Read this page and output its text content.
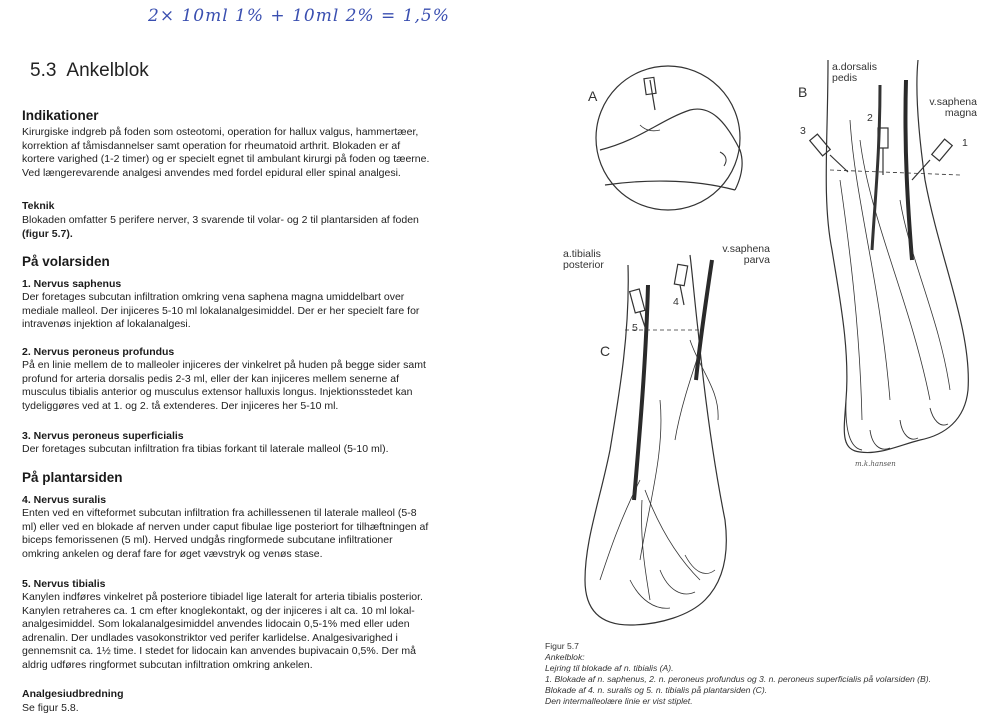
2× 10ml 1% + 10ml 2% = 1,5%
5.3 Ankelblok
Indikationer

Kirurgiske indgreb på foden som osteotomi, operation for hallux valgus, hammertæer,
korrektion af tåmisdannelser samt operation for rheumatoid arthrit. Blokaden er af
kortere varighed (1-2 timer) og er specielt egnet til ambulant kirurgi på foden og tæerne.
Ved længerevarende analgesi anvendes med fordel epidural eller spinal analgesi.

Teknik

Blokaden omfatter 5 perifere nerver, 3 svarende til volar- og 2 til plantarsiden af foden
(figur 5.7).

På volarsiden
1. Nervus saphenus

Der foretages subcutan infiltration omkring vena saphena magna umiddelbart over
mediale malleol. Der injiceres 5-10 ml lokalanalgesimiddel. Der er her specielt fare for
intravenøs injektion af lokalanalgesi.

2. Nervus peroneus profundus

På en linie mellem de to malleoler injiceres der vinkelret på huden på begge sider samt
profund for arteria dorsalis pedis 2-3 ml, eller der kan injiceres mellem senerne af
musculus tibialis anterior og musculus extensor halluxis longus. Injektionsstedet kan
tydeliggøres ved at 1. og 2. tå extenderes. Der injiceres her 5-10 ml.

3. Nervus peroneus superficialis

Der foretages subcutan infiltration fra tibias forkant til laterale malleol (5-10 ml).

På plantarsiden
4. Nervus suralis

Enten ved en vifteformet subcutan infiltration fra achillessenen til laterale malleol (5-8
ml) eller ved en blokade af nerven under caput fibulae lige posteriort for tilhæftningen af
biceps femorissenen (5 ml). Herved undgås ringformede subcutane infiltrationer
omkring ankelen og deraf fare for øget vævstryk og venøs stase.

5. Nervus tibialis

Kanylen indføres vinkelret på posteriore tibiadel lige lateralt for arteria tibialis posterior.
Kanylen retraheres ca. 1 cm efter knoglekontakt, og der injiceres i alt ca. 10 ml lokal-
analgesimiddel. Som lokalanalgesimiddel anvendes lidocain 0,5-1% med eller uden
adrenalin. Der undlades vasokonstriktor ved perifer karlidelse. Analgesivarighed i
gennemsnit ca. 1½ time. I stedet for lidocain kan anvendes bupivacain 0,5%. Der må
aldrig udføres ringformet subcutan infiltration omkring ankelen.

Analgesiudbredning

Se figur 5.8.

A	B
C
a.dorsalis
pedis
v.saphena
magna
a.tibialis
posterior
v.saphena
parva
1
2
3
4
5
m.k.hansen
Figur 5.7
Ankelblok:
Lejring til blokade af n. tibialis (A).
1. Blokade af n. saphenus, 2. n. peroneus profundus og 3. n. peroneus superficialis på volarsiden (B).
Blokade af 4. n. suralis og 5. n. tibialis på plantarsiden (C).
Den intermalleolære linie er vist stiplet.
